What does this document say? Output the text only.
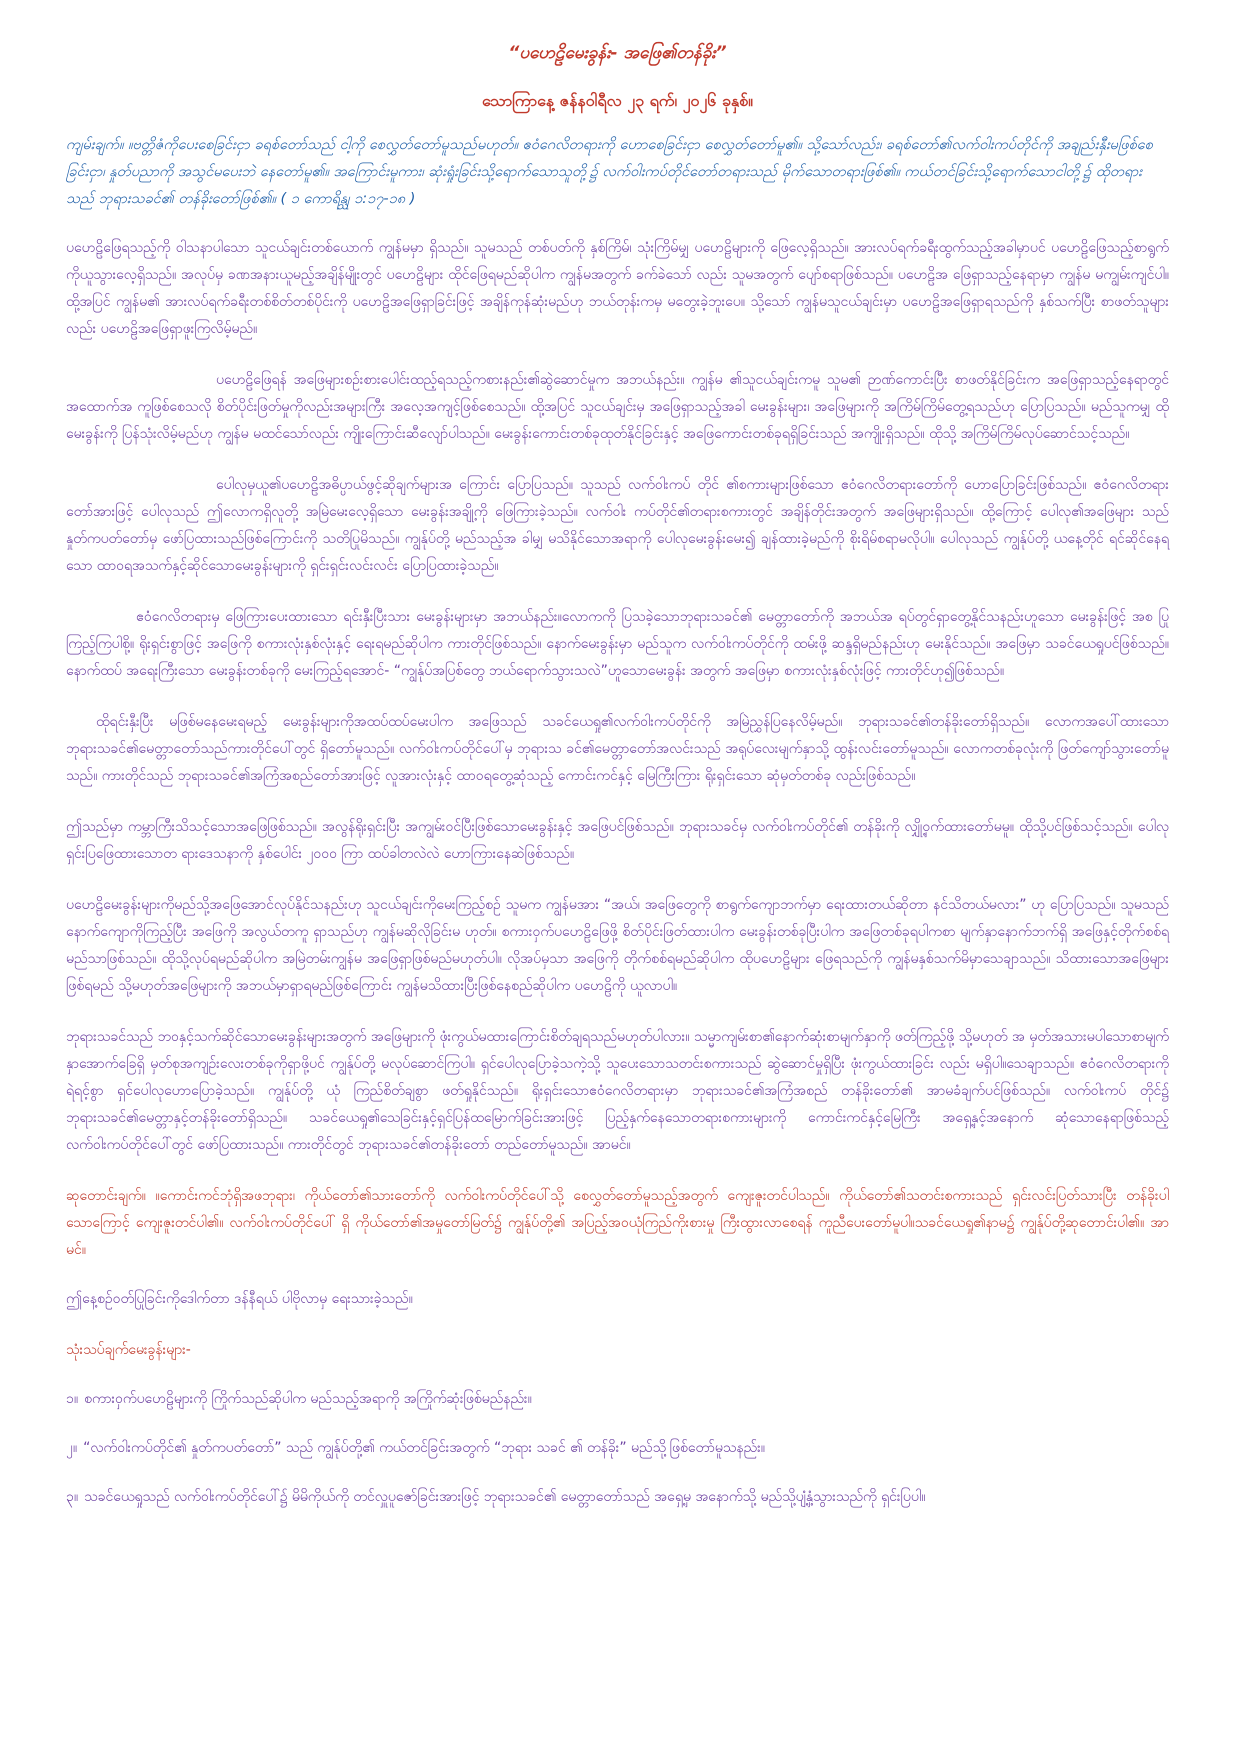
“ပဟေဠိမေးခွန်း- အဖြေ၏တန်ခိုး”

သောကြာနေ့ ဇန်နဝါရီလ ၂၃ ရက်၊ ၂၀၂၆ ခုနှစ်။

ကျမ်းချက်။ ။ဗတ္တိဇံကိုပေးစေခြင်းငှာ ခရစ်တော်သည် ငါ့ကို စေလွှတ်တော်မူသည်မဟုတ်။ ဧဝံဂေလိတရားကို ဟောစေခြင်းငှာ စေလွှတ်တော်မူ၏။ သို့သော်လည်း၊ ခရစ်တော်၏လက်ဝါးကပ်တိုင်ကို အချည်းနှီးမဖြစ်စေခြင်းငှာ၊ နှုတ်ပညာကို အသွင်မပေးဘဲ နေတော်မူ၏။ အကြောင်းမူကား၊ ဆုံးရှုံးခြင်းသို့ရောက်သောသူတို့၌ လက်ဝါးကပ်တိုင်တော်တရားသည် မိုက်သောတရားဖြစ်၏။ ကယ်တင်ခြင်းသို့ရောက်သောငါတို့၌ ထိုတရားသည် ဘုရားသခင်၏ တန်ခိုးတော်ဖြစ်၏။ ( ၁ ကောရိန္သု ၁:၁၇-၁၈ )

ပဟေဠိဖြေရသည့်ကို ဝါသနာပါသော သူငယ်ချင်းတစ်ယောက် ကျွန်မမှာ ရှိသည်။ သူမသည် တစ်ပတ်ကို နှစ်ကြိမ်၊ သုံးကြိမ်မျှ ပဟေဠိများကို ဖြေလေ့ရှိသည်။ အားလပ်ရက်ခရီးထွက်သည့်အခါမှာပင် ပဟေဠိဖြေသည့်စာရွက်ကိုယူသွားလေ့ရှိသည်။ အလုပ်မှ ခဏအနားယူမည့်အချိန်မျိုးတွင် ပဟေဠိများ ထိုင်ဖြေရမည်ဆိုပါက ကျွန်မအတွက် ခက်ခဲသော် လည်း သူမအတွက် ပျော်စရာဖြစ်သည်။ ပဟေဠိအ ဖြေရှာသည့်နေရာမှာ ကျွန်မ မကျွမ်းကျင်ပါ။ ထို့အပြင် ကျွန်မ၏ အားလပ်ရက်ခရီးတစ်စိတ်တစ်ပိုင်းကို ပဟေဠိအဖြေရှာခြင်းဖြင့် အချိန်ကုန်ဆုံးမည်ဟု ဘယ်တုန်းကမှ မတွေးခဲ့ဘူးပေ။ သို့သော် ကျွန်မသူငယ်ချင်းမှာ ပဟေဠိအဖြေရှာရသည်ကို နှစ်သက်ပြီး စာဖတ်သူများလည်း ပဟေဠိအဖြေရှာဖူးကြလိမ့်မည်။

ပဟေဠိဖြေရန် အဖြေများစဉ်းစားပေါင်းထည့်ရသည့်ကစားနည်း၏ဆွဲဆောင်မှုက အဘယ်နည်း။ ကျွန်မ ၏သူငယ်ချင်းကမူ သူမ၏ ဉာဏ်ကောင်းပြီး စာဖတ်နိုင်ခြင်းက အဖြေရှာသည့်နေရာတွင် အထောက်အ ကူဖြစ်စေသလို စိတ်ပိုင်းဖြတ်မှုကိုလည်းအများကြီး အလေ့အကျင့်ဖြစ်စေသည်။ ထို့အပြင် သူငယ်ချင်းမှ အဖြေရှာသည့်အခါ မေးခွန်းများ၊ အဖြေများကို အကြိမ်ကြိမ်တွေ့ရသည်ဟု ပြောပြသည်။ မည်သူကမျှ ထိုမေးခွန်းကို ပြန်သုံးလိမ့်မည်ဟု ကျွန်မ မထင်သော်လည်း ကျိုးကြောင်းဆီလျော်ပါသည်။ မေးခွန်းကောင်းတစ်ခုထုတ်နိုင်ခြင်းနှင့် အဖြေကောင်းတစ်ခုရရှိခြင်းသည် အကျိုးရှိသည်။ ထိုသို့ အကြိမ်ကြိမ်လုပ်ဆောင်သင့်သည်။

ပေါလုမှယူ၏ပဟေဠိအဓိပ္ပာယ်ဖွင့်ဆိုချက်များအ ကြောင်း ပြောပြသည်။ သူသည် လက်ဝါးကပ် တိုင် ၏စကားများဖြစ်သော ဧဝံဂေလိတရားတော်ကို ဟောပြောခြင်းဖြစ်သည်။ ဧဝံဂေလိတရားတော်အားဖြင့် ပေါလုသည် ဤလောကရှိလူတို့ အမြဲမေးလေ့ရှိသော မေးခွန်းအချို့ကို ဖြေကြားခဲ့သည်။ လက်ဝါး ကပ်တိုင်၏တရားစကားတွင် အချိန်တိုင်းအတွက် အဖြေများရှိသည်။ ထို့ကြောင့် ပေါလု၏အဖြေများ သည် နှုတ်ကပတ်တော်မှ ဖော်ပြထားသည်ဖြစ်ကြောင်းကို သတိပြုမိသည်။ ကျွန်ုပ်တို့ မည်သည့်အ ခါမျှ မသိနိုင်သောအရာကို ပေါလုမေးခွန်းမေး၍ ချန်ထားခဲ့မည်ကို စိုးရိမ်စရာမလိုပါ။ ပေါလုသည် ကျွန်ုပ်တို့ ယနေ့တိုင် ရင်ဆိုင်နေရသော ထာဝရအသက်နှင့်ဆိုင်သောမေးခွန်းများကို ရှင်းရှင်းလင်းလင်း ပြောပြထားခဲ့သည်။

ဧဝံဂေလိတရားမှ ဖြေကြားပေးထားသော ရင်းနှီးပြီးသား မေးခွန်းများမှာ အဘယ်နည်း။လောကကို ပြသခဲ့သောဘုရားသခင်၏ မေတ္တာတော်ကို အဘယ်အ ရပ်တွင်ရှာတွေ့နိုင်သနည်းဟူသော မေးခွန်းဖြင့် အစ ပြုကြည့်ကြပါစို့။ ရိုးရှင်းစွာဖြင့် အဖြေကို စကားလုံးနှစ်လုံးနှင့် ရေးရမည်ဆိုပါက ကားတိုင်ဖြစ်သည်။ နောက်မေးခွန်းမှာ မည်သူက လက်ဝါးကပ်တိုင်ကို ထမ်းဖို့ ဆန္ဒရှိမည်နည်းဟု မေးနိုင်သည်။ အဖြေမှာ သခင်ယေရှုပင်ဖြစ်သည်။ နောက်ထပ် အရေးကြီးသော မေးခွန်းတစ်ခုကို မေးကြည့်ရအောင်- “ကျွန်ုပ်အပြစ်တွေ ဘယ်ရောက်သွားသလဲ”ဟူသောမေးခွန်း အတွက် အဖြေမှာ စကားလုံးနှစ်လုံးဖြင့် ကားတိုင်ဟု၍ဖြစ်သည်။

ထိုရင်းနှီးပြီး မဖြစ်မနေမေးရမည့် မေးခွန်းများကိုအထပ်ထပ်မေးပါက အဖြေသည် သခင်ယေရှု၏လက်ဝါးကပ်တိုင်ကို အမြဲညွှန်ပြနေလိမ့်မည်။ ဘုရားသခင်၏တန်ခိုးတော်ရှိသည်။ လောကအပေါ်ထားသော ဘုရားသခင်၏မေတ္တာတော်သည်ကားတိုင်ပေါ်တွင် ရှိတော်မူသည်။ လက်ဝါးကပ်တိုင်ပေါ်မှ ဘုရားသ ခင်၏မေတ္တာတော်အလင်းသည် အရုပ်လေးမျက်နှာသို့ ထွန်းလင်းတော်မူသည်။ လောကတစ်ခုလုံးကို ဖြတ်ကျော်သွားတော်မူသည်။ ကားတိုင်သည် ဘုရားသခင်၏အကြံအစည်တော်အားဖြင့် လူအားလုံးနှင့် ထာဝရတွေ့ဆုံသည့် ကောင်းကင်နှင့် မြေကြီးကြား ရိုးရှင်းသော ဆုံမှတ်တစ်ခု လည်းဖြစ်သည်။

ဤသည်မှာ ကမ္ဘာကြီးသိသင့်သောအဖြေဖြစ်သည်။ အလွန်ရိုးရှင်းပြီး အကျွမ်းဝင်ပြီးဖြစ်သောမေးခွန်းနှင့် အဖြေပင်ဖြစ်သည်။ ဘုရားသခင်မှ လက်ဝါးကပ်တိုင်၏ တန်ခိုးကို လျှို့ဝှက်ထားတော်မမူ။ ထိုသို့ပင်ဖြစ်သင့်သည်။ ပေါလု ရှင်းပြဖြေထားသောတ ရားဒေသနာကို နှစ်ပေါင်း ၂၀၀၀ ကြာ ထပ်ခါတလဲလဲ ဟောကြားနေဆဲဖြစ်သည်။

ပဟေဠိမေးခွန်းများကိုမည်သို့အဖြေအောင်လုပ်နိုင်သနည်းဟု သူငယ်ချင်းကိုမေးကြည့်စဉ် သူမက ကျွန်မအား “အယ်၊ အဖြေတွေကို စာရွက်ကျောဘက်မှာ ရေးထားတယ်ဆိုတာ နင်သိတယ်မလား” ဟု ပြောပြသည်။ သူမသည် နောက်ကျောကိုကြည့်ပြီး အဖြေကို အလွယ်တကူ ရှာသည်ဟု ကျွန်မဆိုလိုခြင်းမ ဟုတ်။ စကားဝှက်ပဟေဠိဖြေဖို့ စိတ်ပိုင်းဖြတ်ထားပါက မေးခွန်းတစ်ခုပြီးပါက အဖြေတစ်ခုရပါကစာ မျက်နှာနောက်ဘက်ရှိ အဖြေနှင့်တိုက်စစ်ရမည်သာဖြစ်သည်။ ထိုသို့လုပ်ရမည်ဆိုပါက အမြဲတမ်းကျွန်မ အဖြေရှာဖြစ်မည်မဟုတ်ပါ။ လိုအပ်မှသာ အဖြေကို တိုက်စစ်ရမည်ဆိုပါက ထိုပဟေဠိများ ဖြေရသည်ကို ကျွန်မနှစ်သက်မိမှာသေချာသည်။ သိထားသောအဖြေများဖြစ်ရမည် သို့မဟုတ်အဖြေများကို အဘယ်မှာရှာရမည်ဖြစ်ကြောင်း ကျွန်မသိထားပြီးဖြစ်နေစည်ဆိုပါက ပဟေဠိကို ယူလာပါ။

ဘုရားသခင်သည် ဘဝနှင့်သက်ဆိုင်သောမေးခွန်းများအတွက် အဖြေများကို ဖုံးကွယ်မထားကြောင်းစိတ်ချရသည်မဟုတ်ပါလား။ သမ္မာကျမ်းစာ၏နောက်ဆုံးစာမျက်နှာကို ဖတ်ကြည့်ဖို့ သို့မဟုတ် အ မှတ်အသားမပါသောစာမျက် နှာအောက်ခြေရှိ မှတ်စုအကျဉ်းလေးတစ်ခုကိုရှာဖို့ပင် ကျွန်ုပ်တို့ မလုပ်ဆောင်ကြပါ။ ရှင်ပေါလုပြောခဲ့သကဲ့သို့ သူပေးသောသတင်းစကားသည် ဆွဲဆောင်မှုရှိပြီး ဖုံးကွယ်ထားခြင်း လည်း မရှိပါ။သေချာသည်။ ဧဝံဂေလိတရားကို ရဲရင့်စွာ ရှင်ပေါလုဟောပြောခဲ့သည်။ ကျွန်ုပ်တို့ ယုံ ကြည်စိတ်ချစွာ ဖတ်ရှုနိုင်သည်။ ရိုးရှင်းသောဧဝံဂေလိတရားမှာ ဘုရားသခင်၏အကြံအစည် တန်ခိုးတော်၏ အာမခံချက်ပင်ဖြစ်သည်။ လက်ဝါးကပ် တိုင်၌ ဘုရားသခင်၏မေတ္တာနှင့်တန်ခိုးတော်ရှိသည်။ သခင်ယေရှု၏သေခြင်းနှင့်ရှင်ပြန်ထမြောက်ခြင်းအားဖြင့် ပြည့်နှက်နေသောတရားစကားများကို ကောင်းကင်နှင့်မြေကြီး အရှေ့နှင့်အနောက် ဆုံသောနေရာဖြစ်သည့် လက်ဝါးကပ်တိုင်ပေါ်တွင် ဖော်ပြထားသည်။ ကားတိုင်တွင် ဘုရားသခင်၏တန်ခိုးတော် တည်တော်မူသည်။ အာမင်။

ဆုတောင်းချက်။ ။ကောင်းကင်ဘုံရှိအဖဘုရား၊ ကိုယ်တော်၏သားတော်ကို လက်ဝါးကပ်တိုင်ပေါ်သို့ စေလွှတ်တော်မူသည့်အတွက် ကျေးဇူးတင်ပါသည်။ ကိုယ်တော်၏သတင်းစကားသည် ရှင်းလင်းပြတ်သားပြီး တန်ခိုးပါသောကြောင့် ကျေးဇူးတင်ပါ၏။ လက်ဝါးကပ်တိုင်ပေါ် ရှိ ကိုယ်တော်၏အမှုတော်မြတ်၌ ကျွန်ုပ်တို့၏ အပြည့်အဝယုံကြည်ကိုးစားမှု ကြီးထွားလာစေရန် ကူညီပေးတော်မူပါ။သခင်ယေရှု၏နာမ၌ ကျွန်ုပ်တို့ဆုတောင်းပါ၏။ အာမင်။

ဤနေ့စဉ်ဝတ်ပြုခြင်းကိုဒေါက်တာ ဒန်နီရယ် ပါဗိုလာမှ ရေးသားခဲ့သည်။

သုံးသပ်ချက်မေးခွန်းများ-

၁။ စကားဝှက်ပဟေဠိများကို ကြိုက်သည်ဆိုပါက မည်သည့်အရာကို အကြိုက်ဆုံးဖြစ်မည်နည်း။

၂။ “လက်ဝါးကပ်တိုင်၏ နှုတ်ကပတ်တော်” သည် ကျွန်ုပ်တို့၏ ကယ်တင်ခြင်းအတွက် “ဘုရား သခင် ၏ တန်ခိုး” မည်သို့ဖြစ်တော်မူသနည်း။

၃။ သခင်ယေရှုသည် လက်ဝါးကပ်တိုင်ပေါ်၌ မိမိကိုယ်ကို တင်လှူပူဇော်ခြင်းအားဖြင့် ဘုရားသခင်၏ မေတ္တာတော်သည် အရှေ့မှ အနောက်သို့ မည်သို့ပျံ့နှံ့သွားသည်ကို ရှင်းပြပါ။
